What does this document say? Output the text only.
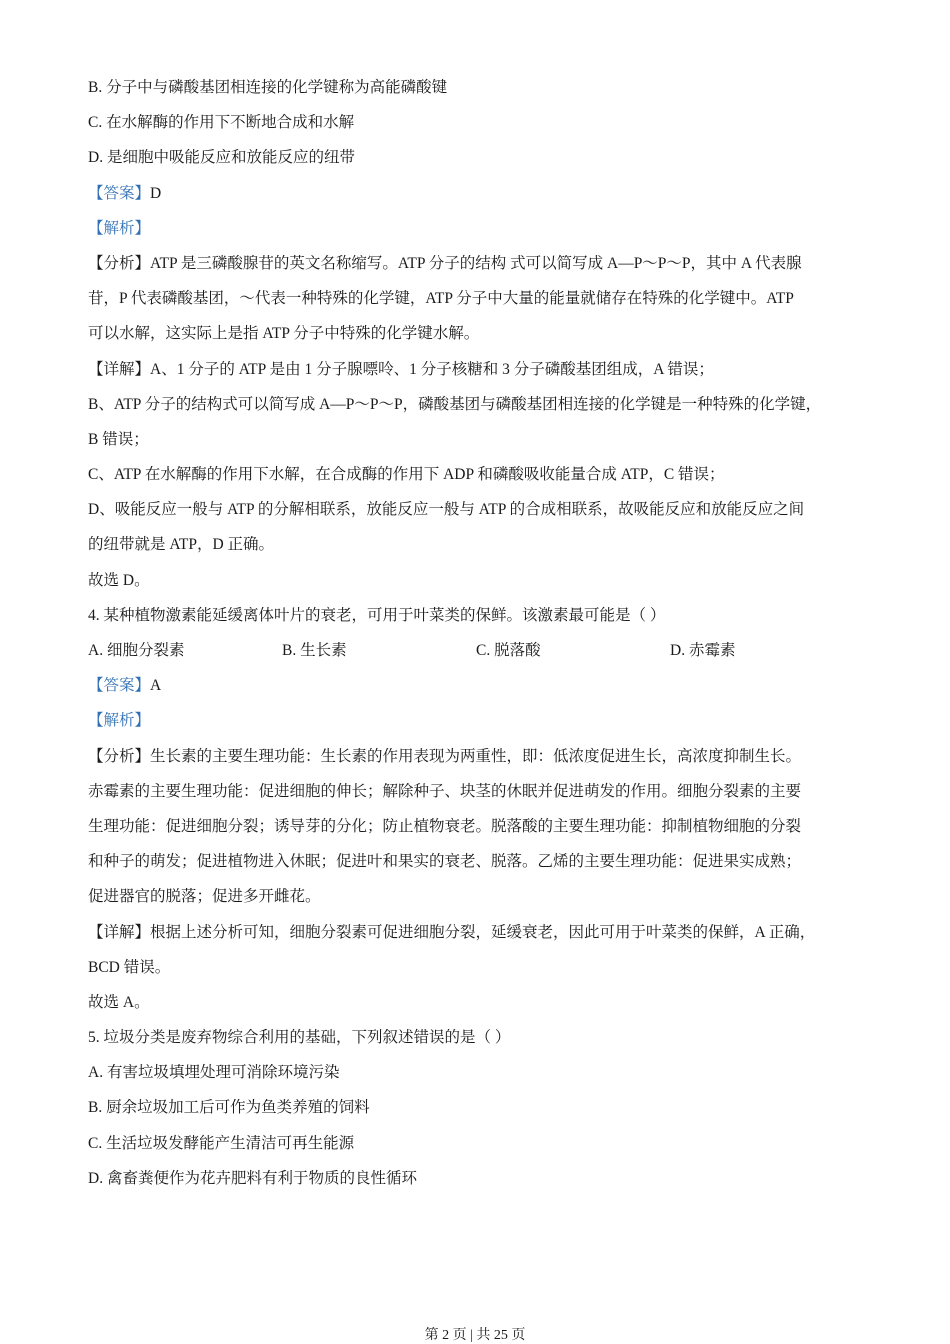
B. 分子中与磷酸基团相连接的化学键称为高能磷酸键
C. 在水解酶的作用下不断地合成和水解
D. 是细胞中吸能反应和放能反应的纽带
【答案】D
【解析】
【分析】ATP 是三磷酸腺苷的英文名称缩写。ATP 分子的结构 式可以简写成 A—P～P～P，其中 A 代表腺
苷，P 代表磷酸基团，～代表一种特殊的化学键，ATP 分子中大量的能量就储存在特殊的化学键中。ATP
可以水解，这实际上是指 ATP 分子中特殊的化学键水解。
【详解】A、1 分子的 ATP 是由 1 分子腺嘌呤、1 分子核糖和 3 分子磷酸基团组成，A 错误；
B、ATP 分子的结构式可以简写成 A—P～P～P，磷酸基团与磷酸基团相连接的化学键是一种特殊的化学键，
B 错误；
C、ATP 在水解酶的作用下水解，在合成酶的作用下 ADP 和磷酸吸收能量合成 ATP，C 错误；
D、吸能反应一般与 ATP 的分解相联系，放能反应一般与 ATP 的合成相联系，故吸能反应和放能反应之间
的纽带就是 ATP，D 正确。
故选 D。
4. 某种植物激素能延缓离体叶片的衰老，可用于叶菜类的保鲜。该激素最可能是（ ）
A. 细胞分裂素	B. 生长素	C. 脱落酸	D. 赤霉素
【答案】A
【解析】
【分析】生长素的主要生理功能：生长素的作用表现为两重性，即：低浓度促进生长，高浓度抑制生长。
赤霉素的主要生理功能：促进细胞的伸长；解除种子、块茎的休眠并促进萌发的作用。细胞分裂素的主要
生理功能：促进细胞分裂；诱导芽的分化；防止植物衰老。脱落酸的主要生理功能：抑制植物细胞的分裂
和种子的萌发；促进植物进入休眠；促进叶和果实的衰老、脱落。乙烯的主要生理功能：促进果实成熟；
促进器官的脱落；促进多开雌花。
【详解】根据上述分析可知，细胞分裂素可促进细胞分裂，延缓衰老，因此可用于叶菜类的保鲜，A 正确，
BCD 错误。
故选 A。
5. 垃圾分类是废弃物综合利用的基础，下列叙述错误的是（ ）
A. 有害垃圾填埋处理可消除环境污染
B. 厨余垃圾加工后可作为鱼类养殖的饲料
C. 生活垃圾发酵能产生清洁可再生能源
D. 禽畜粪便作为花卉肥料有利于物质的良性循环
第 2 页 | 共 25 页
